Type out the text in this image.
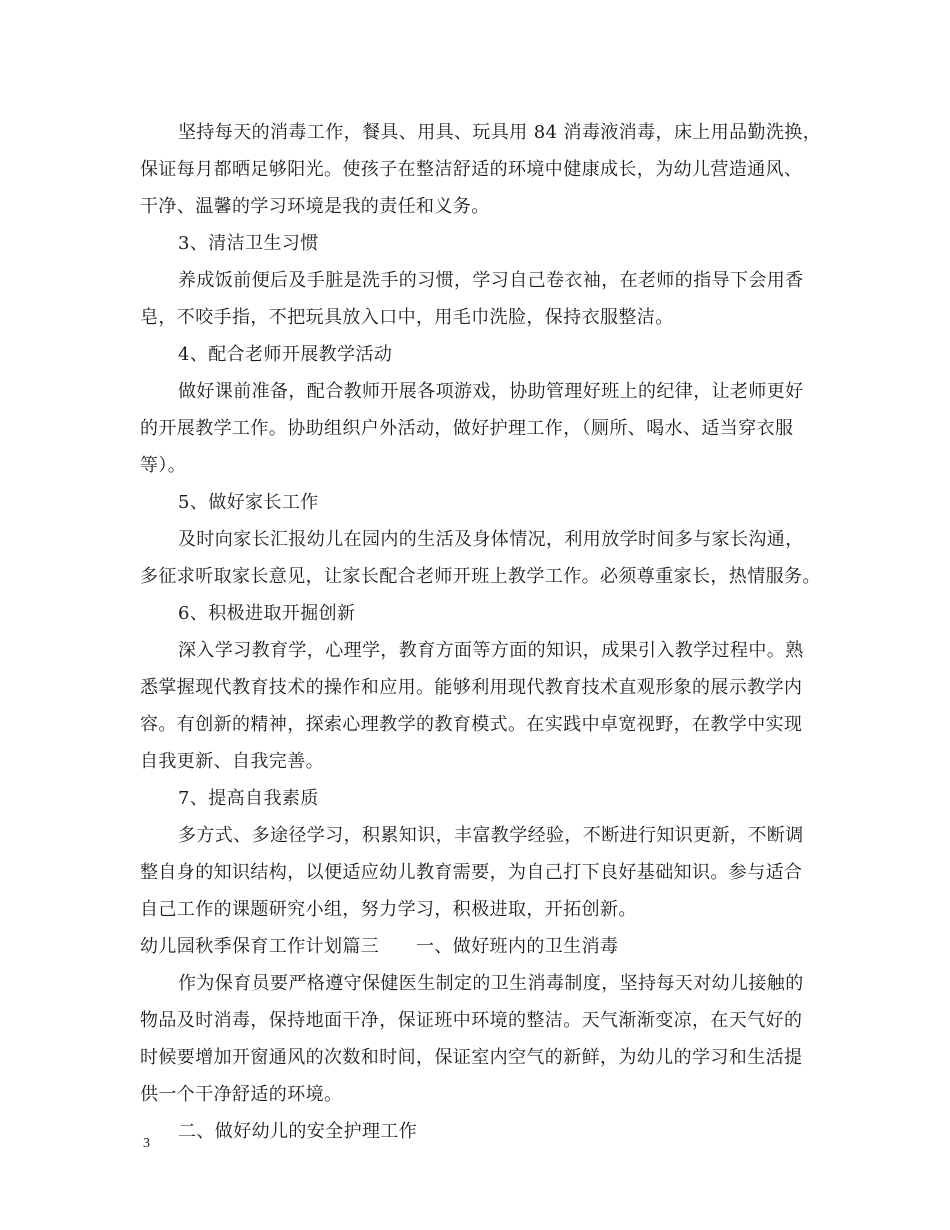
坚持每天的消毒工作，餐具、用具、玩具用 84 消毒液消毒，床上用品勤洗换，
保证每月都晒足够阳光。使孩子在整洁舒适的环境中健康成长，为幼儿营造通风、
干净、温馨的学习环境是我的责任和义务。
3、清洁卫生习惯
养成饭前便后及手脏是洗手的习惯，学习自己卷衣袖，在老师的指导下会用香
皂，不咬手指，不把玩具放入口中，用毛巾洗脸，保持衣服整洁。
4、配合老师开展教学活动
做好课前准备，配合教师开展各项游戏，协助管理好班上的纪律，让老师更好
的开展教学工作。协助组织户外活动，做好护理工作，（厕所、喝水、适当穿衣服
等）。
5、做好家长工作
及时向家长汇报幼儿在园内的生活及身体情况，利用放学时间多与家长沟通，
多征求听取家长意见，让家长配合老师开班上教学工作。必须尊重家长，热情服务。
6、积极进取开掘创新
深入学习教育学，心理学，教育方面等方面的知识，成果引入教学过程中。熟
悉掌握现代教育技术的操作和应用。能够利用现代教育技术直观形象的展示教学内
容。有创新的精神，探索心理教学的教育模式。在实践中卓宽视野，在教学中实现
自我更新、自我完善。
7、提高自我素质
多方式、多途径学习，积累知识，丰富教学经验，不断进行知识更新，不断调
整自身的知识结构，以便适应幼儿教育需要，为自己打下良好基础知识。参与适合
自己工作的课题研究小组，努力学习，积极进取，开拓创新。
幼儿园秋季保育工作计划篇三　　一、做好班内的卫生消毒
作为保育员要严格遵守保健医生制定的卫生消毒制度，坚持每天对幼儿接触的
物品及时消毒，保持地面干净，保证班中环境的整洁。天气渐渐变凉，在天气好的
时候要增加开窗通风的次数和时间，保证室内空气的新鲜，为幼儿的学习和生活提
供一个干净舒适的环境。
二、做好幼儿的安全护理工作
3
